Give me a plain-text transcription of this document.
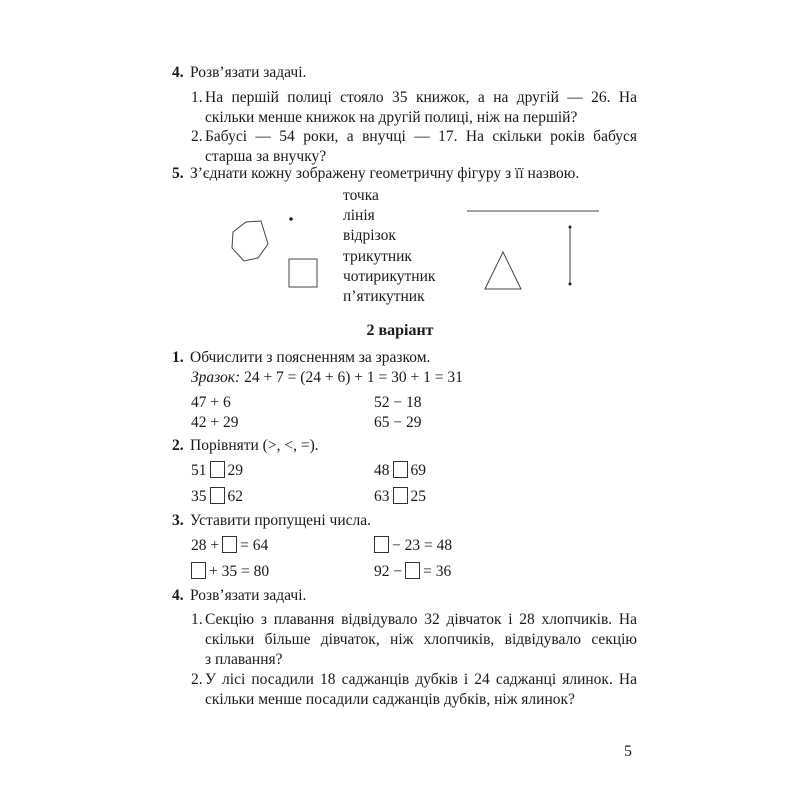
4. Розв’язати задачі.
1. На першій полиці стояло 35 книжок, а на другій — 26. На
скільки менше книжок на другій полиці, ніж на першій?
2. Бабусі — 54 роки, а внучці — 17. На скільки років бабуся
старша за внучку?
5. З’єднати кожну зображену геометричну фігуру з її назвою.
точка
лінія
відрізок
трикутник
чотирикутник
п’ятикутник
2 варіант
1. Обчислити з поясненням за зразком.
Зразок: 24 + 7 = (24 + 6) + 1 = 30 + 1 = 31
47 + 6	52 − 18
42 + 29	65 − 29
2. Порівняти (>, <, =).
51 29	48 69
35 62	63 25
3. Уставити пропущені числа.
28 + = 64	− 23 = 48
+ 35 = 80	92 − = 36
4. Розв’язати задачі.
1. Секцію з плавання відвідувало 32 дівчаток і 28 хлопчиків. На
скільки більше дівчаток, ніж хлопчиків, відвідувало секцію
з плавання?
2. У лісі посадили 18 саджанців дубків і 24 саджанці ялинок. На
скільки менше посадили саджанців дубків, ніж ялинок?
5
